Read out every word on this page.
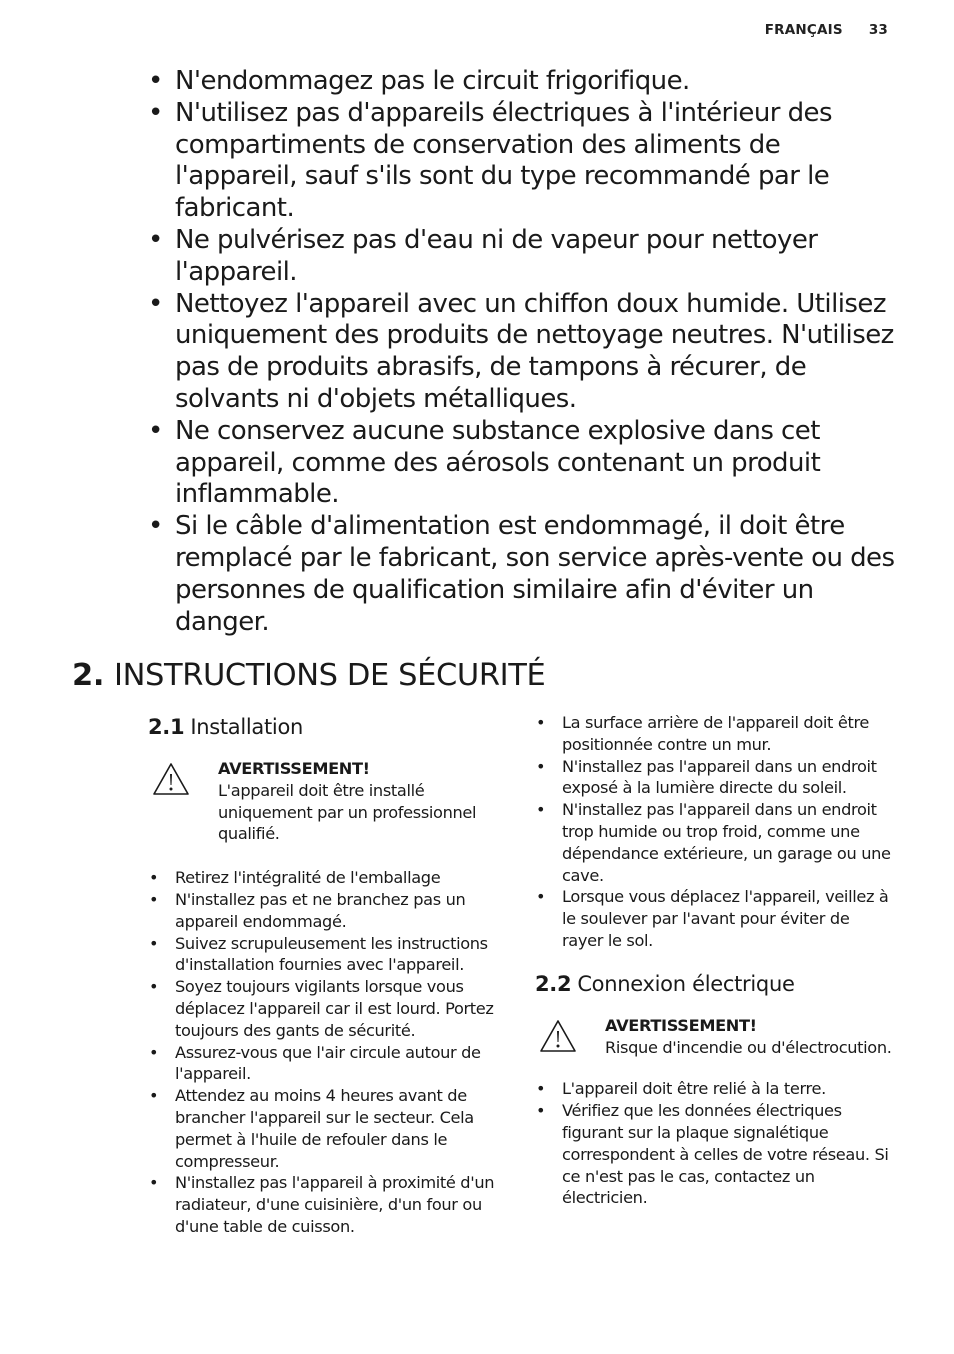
FRANÇAIS 33
• N'endommagez pas le circuit frigorifique.
• N'utilisez pas d'appareils électriques à l'intérieur des compartiments de conservation des aliments de l'appareil, sauf s'ils sont du type recommandé par le fabricant.
• Ne pulvérisez pas d'eau ni de vapeur pour nettoyer l'appareil.
• Nettoyez l'appareil avec un chiffon doux humide. Utilisez uniquement des produits de nettoyage neutres. N'utilisez pas de produits abrasifs, de tampons à récurer, de solvants ni d'objets métalliques.
• Ne conservez aucune substance explosive dans cet appareil, comme des aérosols contenant un produit inflammable.
• Si le câble d'alimentation est endommagé, il doit être remplacé par le fabricant, son service après-vente ou des personnes de qualification similaire afin d'éviter un danger.
2. INSTRUCTIONS DE SÉCURITÉ
2.1 Installation
AVERTISSEMENT!
L'appareil doit être installé uniquement par un professionnel qualifié.
• Retirez l'intégralité de l'emballage
• N'installez pas et ne branchez pas un appareil endommagé.
• Suivez scrupuleusement les instructions d'installation fournies avec l'appareil.
• Soyez toujours vigilants lorsque vous déplacez l'appareil car il est lourd. Portez toujours des gants de sécurité.
• Assurez-vous que l'air circule autour de l'appareil.
• Attendez au moins 4 heures avant de brancher l'appareil sur le secteur. Cela permet à l'huile de refouler dans le compresseur.
• N'installez pas l'appareil à proximité d'un radiateur, d'une cuisinière, d'un four ou d'une table de cuisson.
• La surface arrière de l'appareil doit être positionnée contre un mur.
• N'installez pas l'appareil dans un endroit exposé à la lumière directe du soleil.
• N'installez pas l'appareil dans un endroit trop humide ou trop froid, comme une dépendance extérieure, un garage ou une cave.
• Lorsque vous déplacez l'appareil, veillez à le soulever par l'avant pour éviter de rayer le sol.
2.2 Connexion électrique
AVERTISSEMENT!
Risque d'incendie ou d'électrocution.
• L'appareil doit être relié à la terre.
• Vérifiez que les données électriques figurant sur la plaque signalétique correspondent à celles de votre réseau. Si ce n'est pas le cas, contactez un électricien.
